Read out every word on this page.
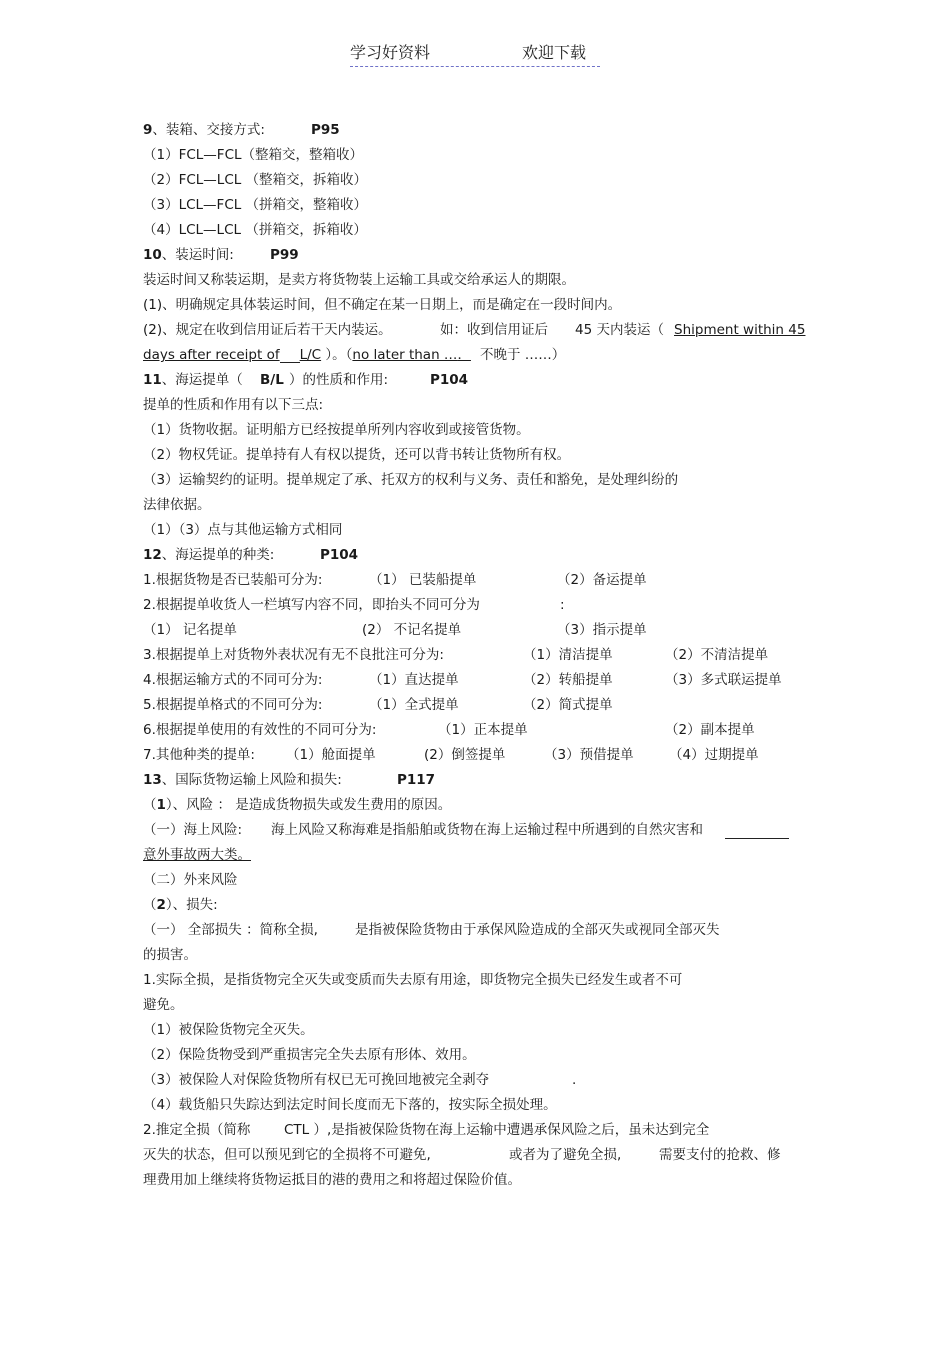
学习好资料	欢迎下载
9、装箱、交接方式:	P95
（1）FCL—FCL（整箱交，整箱收）
（2）FCL—LCL （整箱交，拆箱收）
（3）LCL—FCL （拼箱交，整箱收）
（4）LCL—LCL （拼箱交，拆箱收）
10、装运时间:	P99
装运时间又称装运期，是卖方将货物装上运输工具或交给承运人的期限。
(1)、明确规定具体装运时间，但不确定在某一日期上，而是确定在一段时间内。
(2)、规定在收到信用证后若干天内装运。	如：收到信用证后 45 天内装运（ Shipment within 45
days after receipt of L/C ）。（no later than …． 不晚于 ……）
11、海运提单（ B/L ）的性质和作用:	P104
提单的性质和作用有以下三点:
（1）货物收据。证明船方已经按提单所列内容收到或接管货物。
（2）物权凭证。提单持有人有权以提货，还可以背书转让货物所有权。
（3）运输契约的证明。提单规定了承、托双方的权利与义务、责任和豁免，是处理纠纷的
法律依据。
（1）（3）点与其他运输方式相同
12、海运提单的种类:	P104
1.根据货物是否已装船可分为:	（1） 已装船提单	（2）备运提单
2.根据提单收货人一栏填写内容不同，即抬头不同可分为	:
（1） 记名提单	(2） 不记名提单	（3）指示提单
3.根据提单上对货物外表状况有无不良批注可分为:	（1）清洁提单	（2）不清洁提单
4.根据运输方式的不同可分为:	（1）直达提单	（2）转船提单	（3）多式联运提单
5.根据提单格式的不同可分为:	（1）全式提单	（2）简式提单
6.根据提单使用的有效性的不同可分为:	（1）正本提单	（2）副本提单
7.其他种类的提单: （1）舱面提单	(2）倒签提单	（3）预借提单	（4）过期提单
13、国际货物运输上风险和损失:	P117
（1）、风险 ： 是造成货物损失或发生费用的原因。
（一）海上风险: 海上风险又称海难是指船舶或货物在海上运输过程中所遇到的自然灾害和
意外事故两大类。
（二）外来风险
（2）、损失:
（一） 全部损失 ：简称全损,	是指被保险货物由于承保风险造成的全部灭失或视同全部灭失
的损害。
1.实际全损，是指货物完全灭失或变质而失去原有用途，即货物完全损失已经发生或者不可
避免。
（1）被保险货物完全灭失。
（2）保险货物受到严重损害完全失去原有形体、效用。
（3）被保险人对保险货物所有权已无可挽回地被完全剥夺	.
（4）载货船只失踪达到法定时间长度而无下落的，按实际全损处理。
2.推定全损（简称 CTL ）,是指被保险货物在海上运输中遭遇承保风险之后，虽未达到完全
灭失的状态，但可以预见到它的全损将不可避免,	或者为了避免全损,	需要支付的抢救、修
理费用加上继续将货物运抵目的港的费用之和将超过保险价值。
